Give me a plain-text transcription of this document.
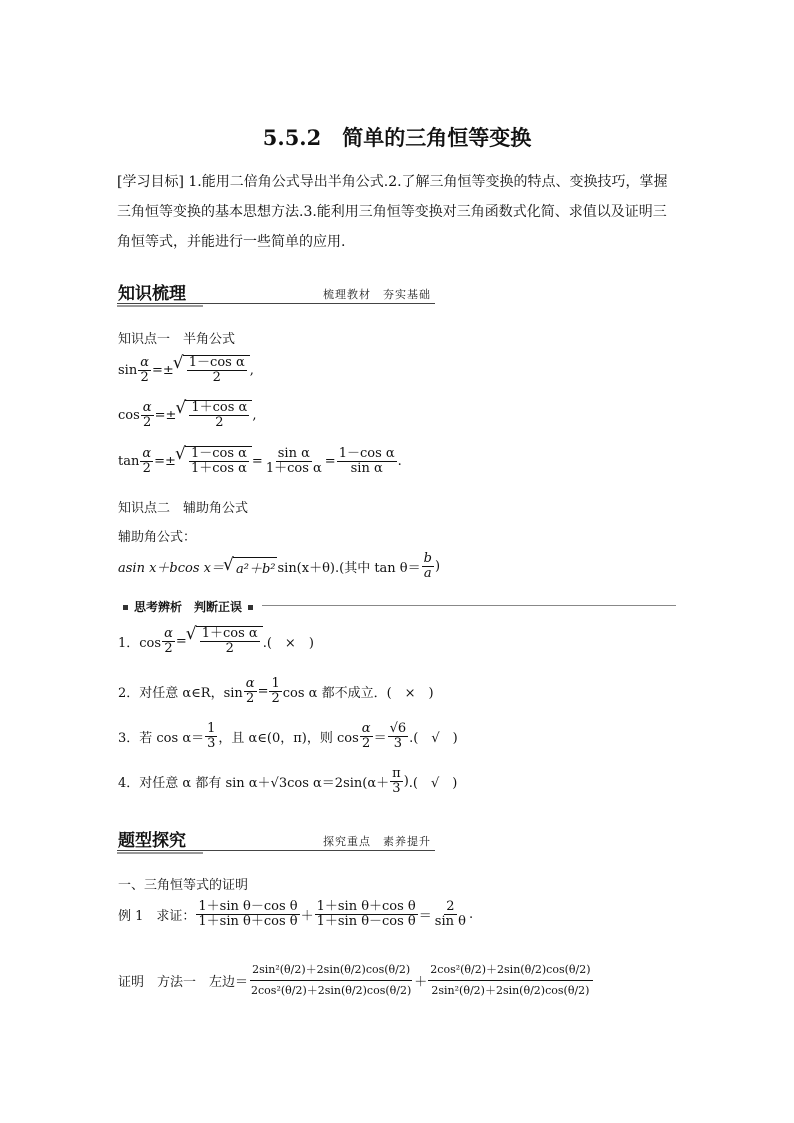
5.5.2　简单的三角恒等变换
[学习目标] 1.能用二倍角公式导出半角公式.2.了解三角恒等变换的特点、变换技巧，掌握三角恒等变换的基本思想方法.3.能利用三角恒等变换对三角函数式化简、求值以及证明三角恒等式，并能进行一些简单的应用.
知识梳理	梳理教材　夯实基础
知识点一　半角公式
$\sin \frac{\alpha}{2}$ =± √ $\frac{\text{1－cos α}}{2}$ ,
$\cos \frac{\alpha}{2}$ =± √ $\frac{\text{1＋cos α}}{2}$ ,
$\tan \frac{\alpha}{2}$ =± √ $\frac{\text{1－cos α}}{\text{1＋cos α}} = \frac{\text{sin α}}{\text{1＋cos α}} = \frac{\text{1－cos α}}{\text{sin α}}$ .
知识点二　辅助角公式
辅助角公式：
asin x＋bcos x＝ √ a²＋b² sin(x＋θ). (其中 tan θ＝
b
a )
思考辨析　判断正误
1．$\cos \frac{\alpha}{2}$ = √ $\frac{\text{1＋cos α}}{2}$ .(　×　)
2．对任意 α∈R，$\sin \frac{\alpha}{2} = \frac{1}{2}$ cos α 都不成立．(　×　)
3．若 cos α＝
1
3 ，且 α∈(0，π)，则 cos
α
2 ＝
√6
3 .(　√　)
4．对任意 α 都有 sin α＋√3cos α＝2sin (α＋
π
3 ) .(　√　)
题型探究	探究重点　素养提升
一、三角恒等式的证明
例 1　求证：
1＋sin θ－cos θ
1＋sin θ＋cos θ ＋
1＋sin θ＋cos θ
1＋sin θ－cos θ ＝
2
sin θ .
证明　方法一　左边＝
2sin²(θ/2)＋2sin(θ/2)cos(θ/2)
2cos²(θ/2)＋2sin(θ/2)cos(θ/2)
＋
2cos²(θ/2)＋2sin(θ/2)cos(θ/2)
2sin²(θ/2)＋2sin(θ/2)cos(θ/2)
